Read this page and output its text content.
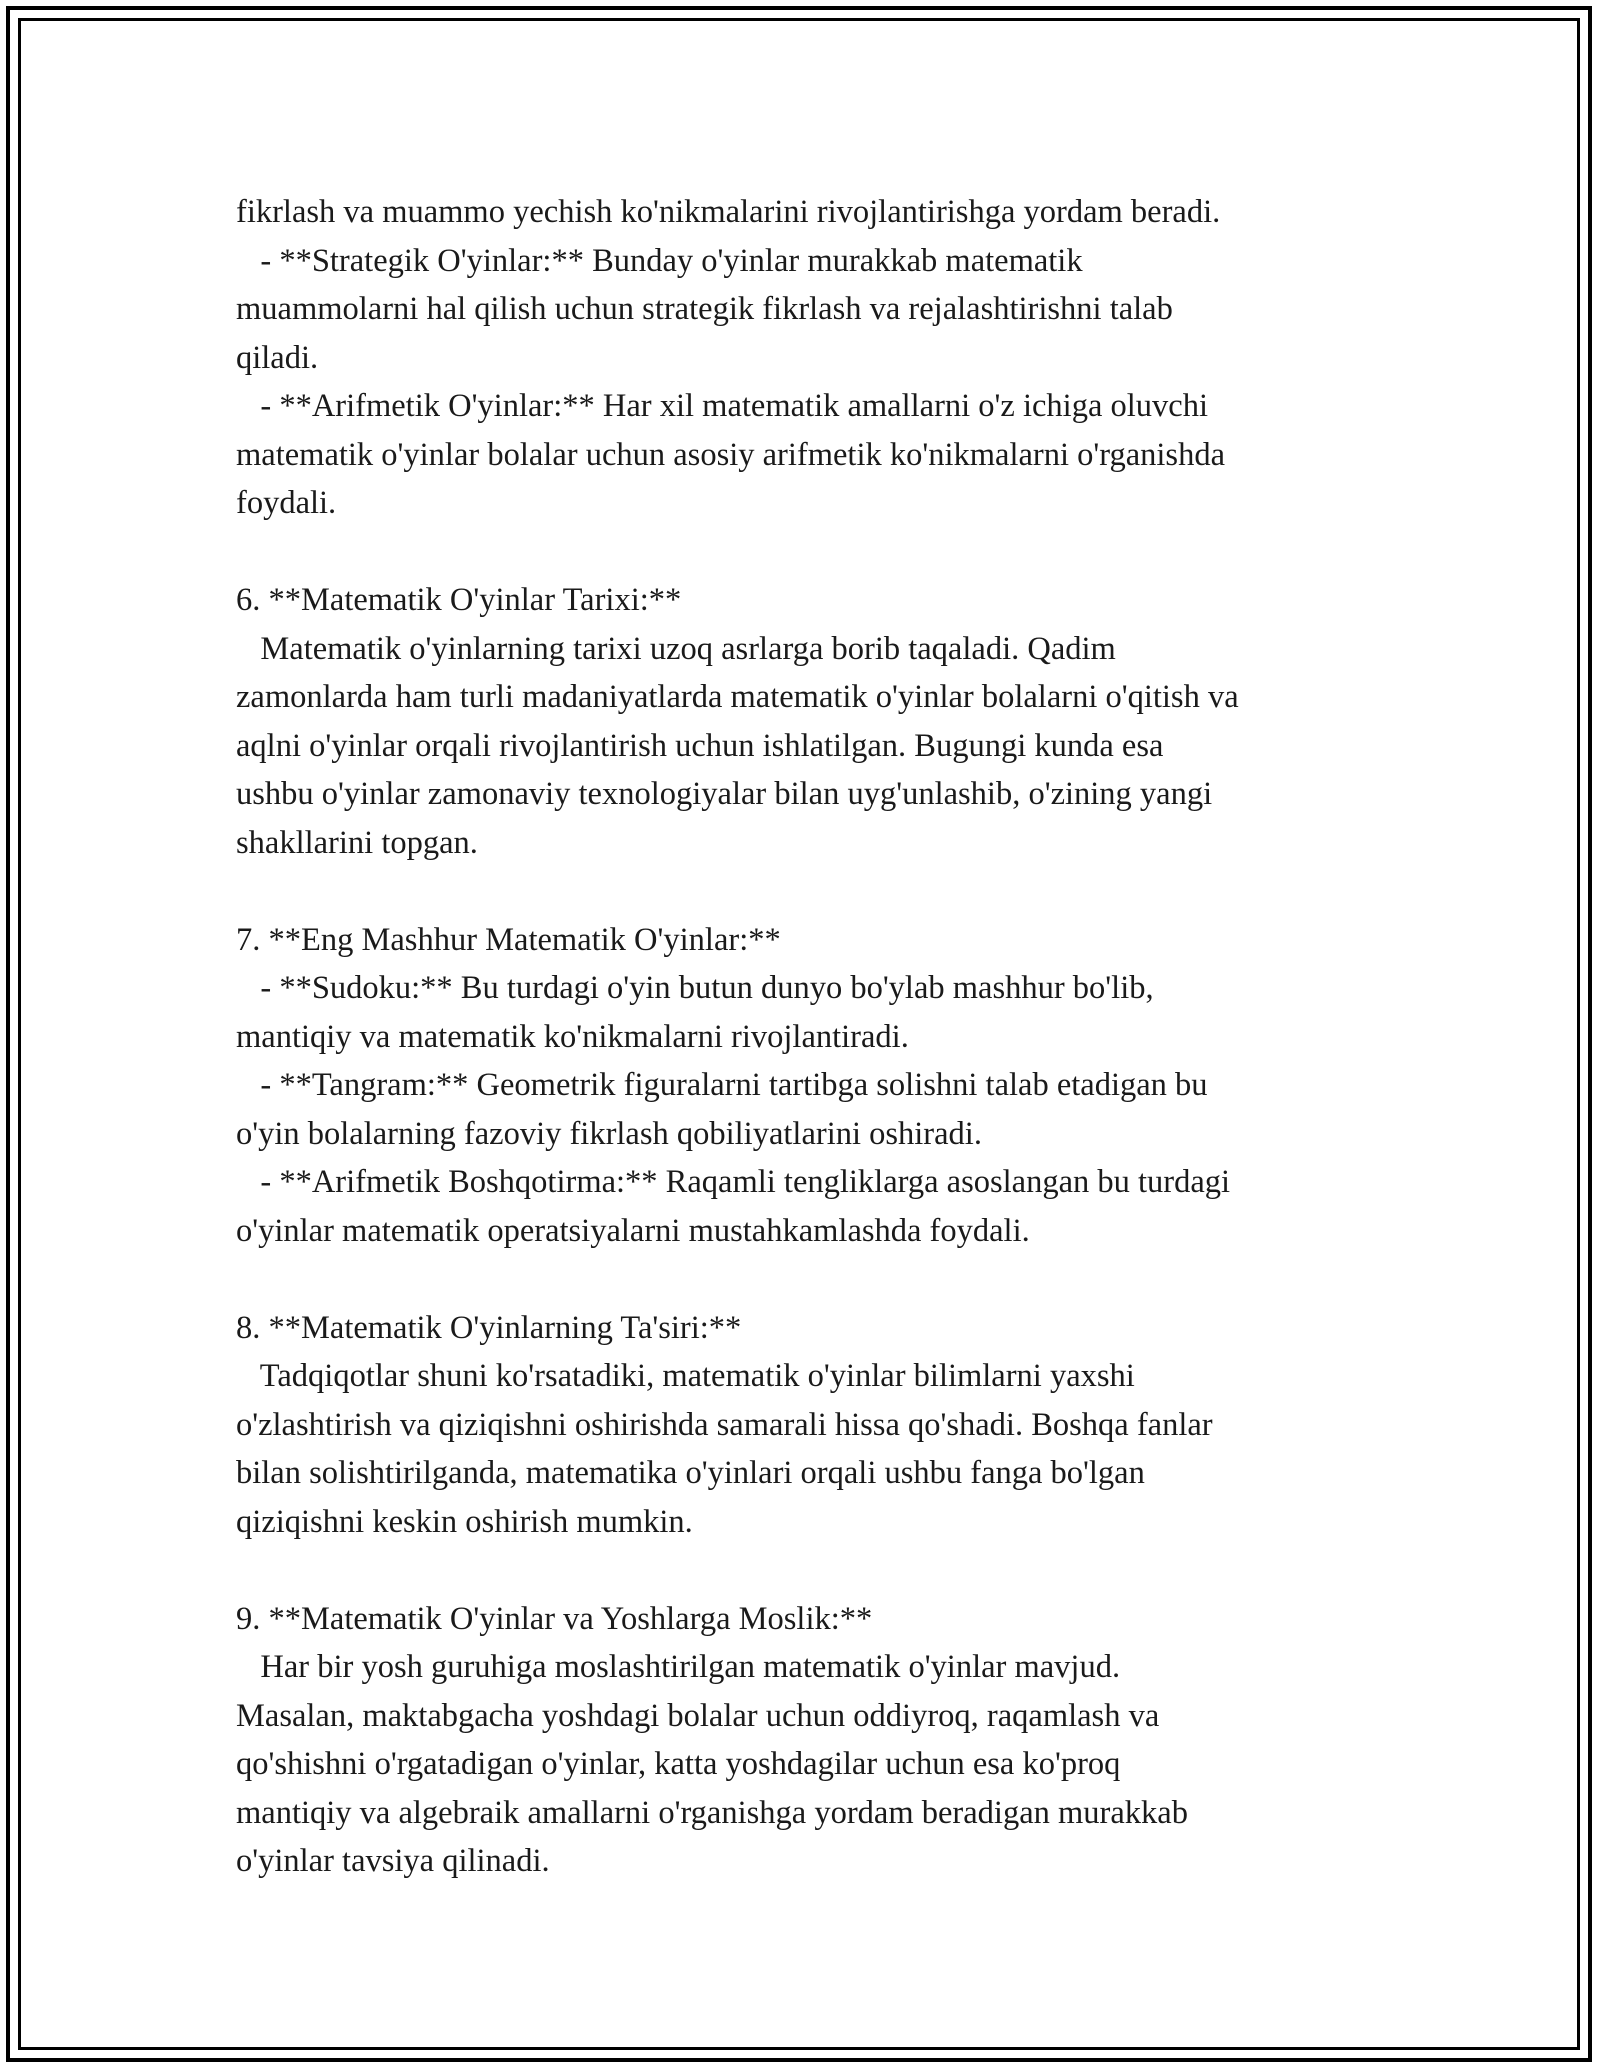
fikrlash va muammo yechish ko'nikmalarini rivojlantirishga yordam beradi.
- **Strategik O'yinlar:** Bunday o'yinlar murakkab matematik
muammolarni hal qilish uchun strategik fikrlash va rejalashtirishni talab
qiladi.
- **Arifmetik O'yinlar:** Har xil matematik amallarni o'z ichiga oluvchi
matematik o'yinlar bolalar uchun asosiy arifmetik ko'nikmalarni o'rganishda
foydali.
6. **Matematik O'yinlar Tarixi:**
Matematik o'yinlarning tarixi uzoq asrlarga borib taqaladi. Qadim
zamonlarda ham turli madaniyatlarda matematik o'yinlar bolalarni o'qitish va
aqlni o'yinlar orqali rivojlantirish uchun ishlatilgan. Bugungi kunda esa
ushbu o'yinlar zamonaviy texnologiyalar bilan uyg'unlashib, o'zining yangi
shakllarini topgan.
7. **Eng Mashhur Matematik O'yinlar:**
- **Sudoku:** Bu turdagi o'yin butun dunyo bo'ylab mashhur bo'lib,
mantiqiy va matematik ko'nikmalarni rivojlantiradi.
- **Tangram:** Geometrik figuralarni tartibga solishni talab etadigan bu
o'yin bolalarning fazoviy fikrlash qobiliyatlarini oshiradi.
- **Arifmetik Boshqotirma:** Raqamli tengliklarga asoslangan bu turdagi
o'yinlar matematik operatsiyalarni mustahkamlashda foydali.
8. **Matematik O'yinlarning Ta'siri:**
Tadqiqotlar shuni ko'rsatadiki, matematik o'yinlar bilimlarni yaxshi
o'zlashtirish va qiziqishni oshirishda samarali hissa qo'shadi. Boshqa fanlar
bilan solishtirilganda, matematika o'yinlari orqali ushbu fanga bo'lgan
qiziqishni keskin oshirish mumkin.
9. **Matematik O'yinlar va Yoshlarga Moslik:**
Har bir yosh guruhiga moslashtirilgan matematik o'yinlar mavjud.
Masalan, maktabgacha yoshdagi bolalar uchun oddiyroq, raqamlash va
qo'shishni o'rgatadigan o'yinlar, katta yoshdagilar uchun esa ko'proq
mantiqiy va algebraik amallarni o'rganishga yordam beradigan murakkab
o'yinlar tavsiya qilinadi.
